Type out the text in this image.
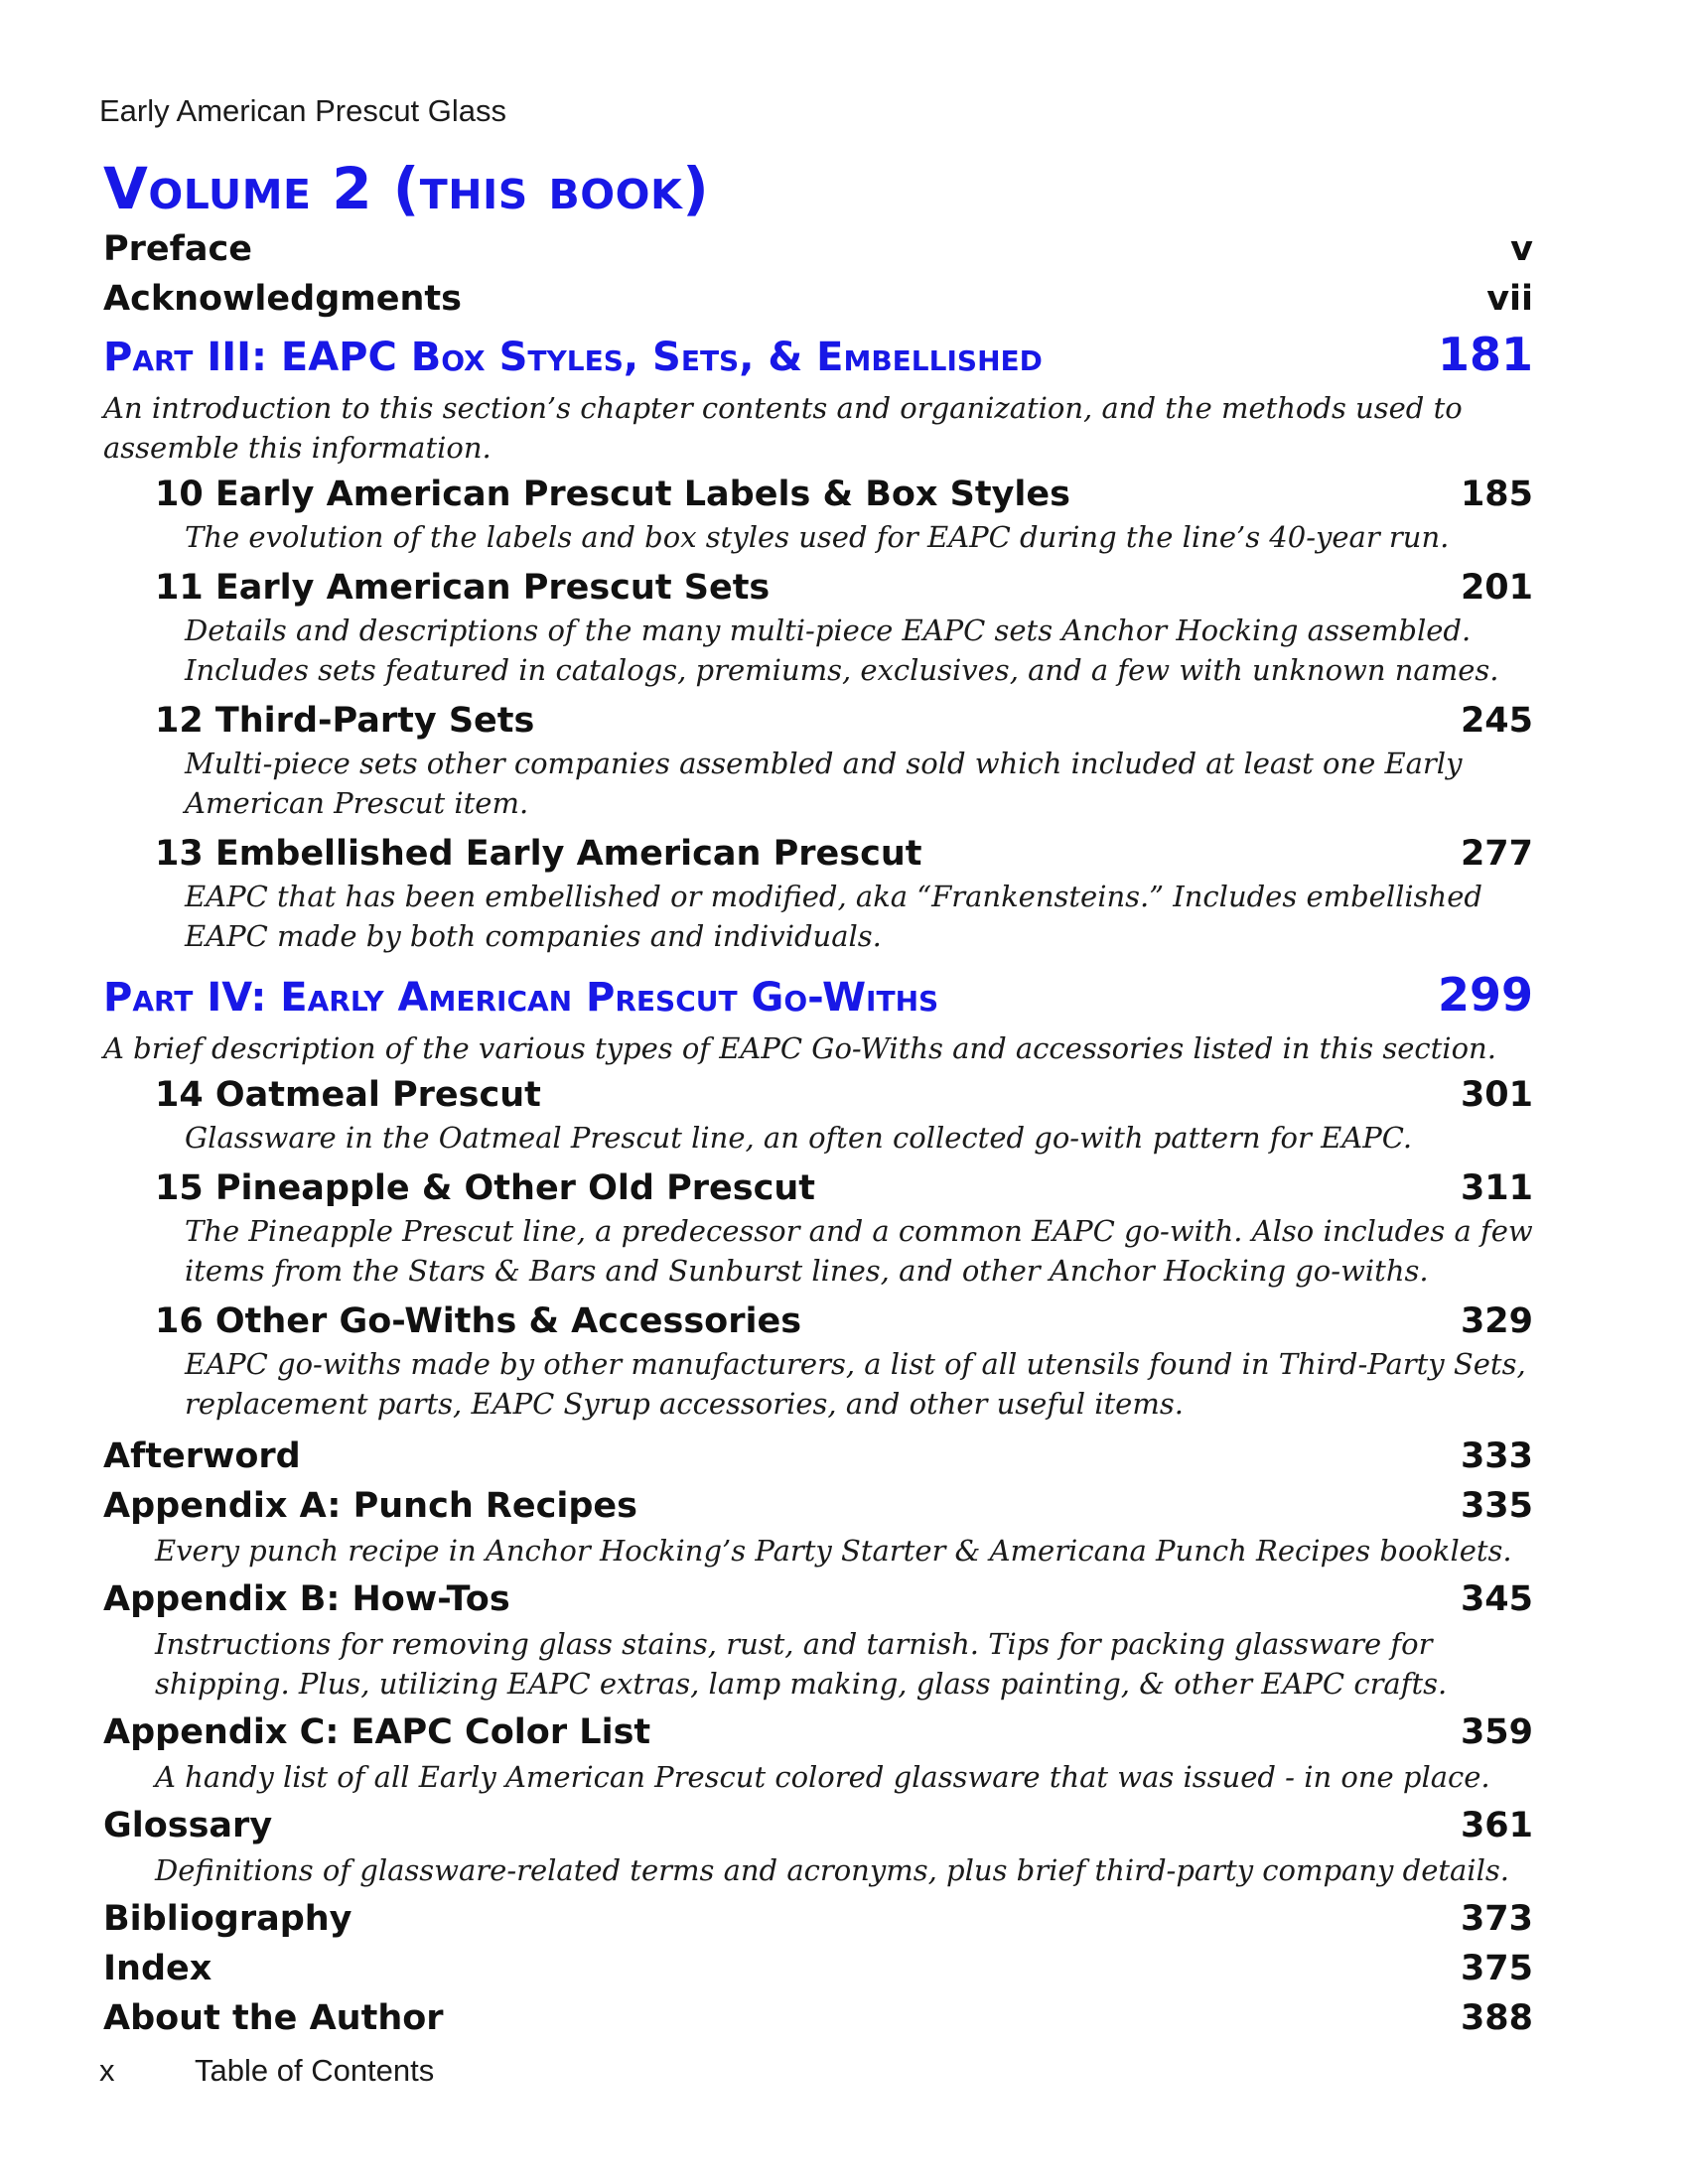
Early American Prescut Glass
Volume 2 (this book)
Preface	v
Acknowledgments	vii
Part III: EAPC Box Styles, Sets, & Embellished	181
An introduction to this section’s chapter contents and organization, and the methods used to assemble this information.
10 Early American Prescut Labels & Box Styles	185
The evolution of the labels and box styles used for EAPC during the line’s 40-year run.
11 Early American Prescut Sets	201
Details and descriptions of the many multi-piece EAPC sets Anchor Hocking assembled. Includes sets featured in catalogs, premiums, exclusives, and a few with unknown names.
12 Third-Party Sets	245
Multi-piece sets other companies assembled and sold which included at least one Early American Prescut item.
13 Embellished Early American Prescut	277
EAPC that has been embellished or modified, aka “Frankensteins.” Includes embellished EAPC made by both companies and individuals.
Part IV: Early American Prescut Go-Withs	299
A brief description of the various types of EAPC Go-Withs and accessories listed in this section.
14 Oatmeal Prescut	301
Glassware in the Oatmeal Prescut line, an often collected go-with pattern for EAPC.
15 Pineapple & Other Old Prescut	311
The Pineapple Prescut line, a predecessor and a common EAPC go-with. Also includes a few items from the Stars & Bars and Sunburst lines, and other Anchor Hocking go-withs.
16 Other Go-Withs & Accessories	329
EAPC go-withs made by other manufacturers, a list of all utensils found in Third-Party Sets, replacement parts, EAPC Syrup accessories, and other useful items.
Afterword	333
Appendix A: Punch Recipes	335
Every punch recipe in Anchor Hocking’s Party Starter & Americana Punch Recipes booklets.
Appendix B: How-Tos	345
Instructions for removing glass stains, rust, and tarnish. Tips for packing glassware for shipping. Plus, utilizing EAPC extras, lamp making, glass painting, & other EAPC crafts.
Appendix C: EAPC Color List	359
A handy list of all Early American Prescut colored glassware that was issued - in one place.
Glossary	361
Definitions of glassware-related terms and acronyms, plus brief third-party company details.
Bibliography	373
Index	375
About the Author	388
x	Table of Contents
